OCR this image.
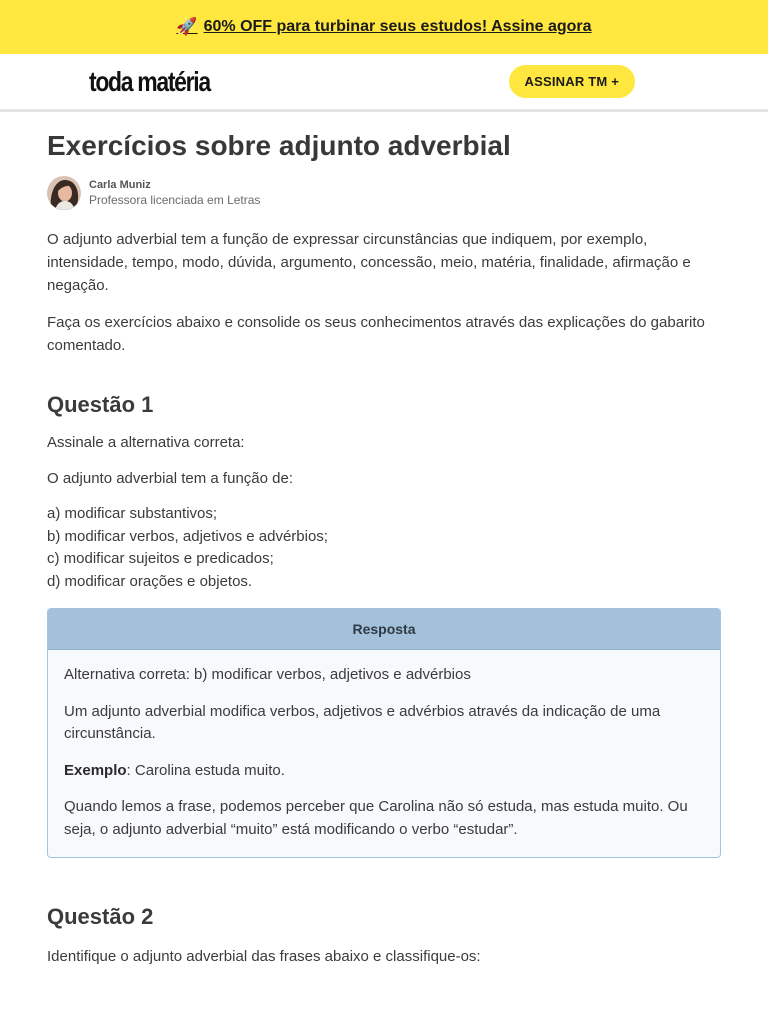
🚀 60% OFF para turbinar seus estudos! Assine agora
toda matéria	ASSINAR TM +
Exercícios sobre adjunto adverbial
Carla Muniz
Professora licenciada em Letras

O adjunto adverbial tem a função de expressar circunstâncias que indiquem, por exemplo, intensidade, tempo, modo, dúvida, argumento, concessão, meio, matéria, finalidade, afirmação e negação.

Faça os exercícios abaixo e consolide os seus conhecimentos através das explicações do gabarito comentado.

Questão 1

Assinale a alternativa correta:

O adjunto adverbial tem a função de:

a) modificar substantivos;
b) modificar verbos, adjetivos e advérbios;
c) modificar sujeitos e predicados;
d) modificar orações e objetos.
Resposta

Alternativa correta: b) modificar verbos, adjetivos e advérbios

Um adjunto adverbial modifica verbos, adjetivos e advérbios através da indicação de uma circunstância.

Exemplo: Carolina estuda muito.

Quando lemos a frase, podemos perceber que Carolina não só estuda, mas estuda muito. Ou seja, o adjunto adverbial “muito” está modificando o verbo “estudar”.

Questão 2

Identifique o adjunto adverbial das frases abaixo e classifique-os:
